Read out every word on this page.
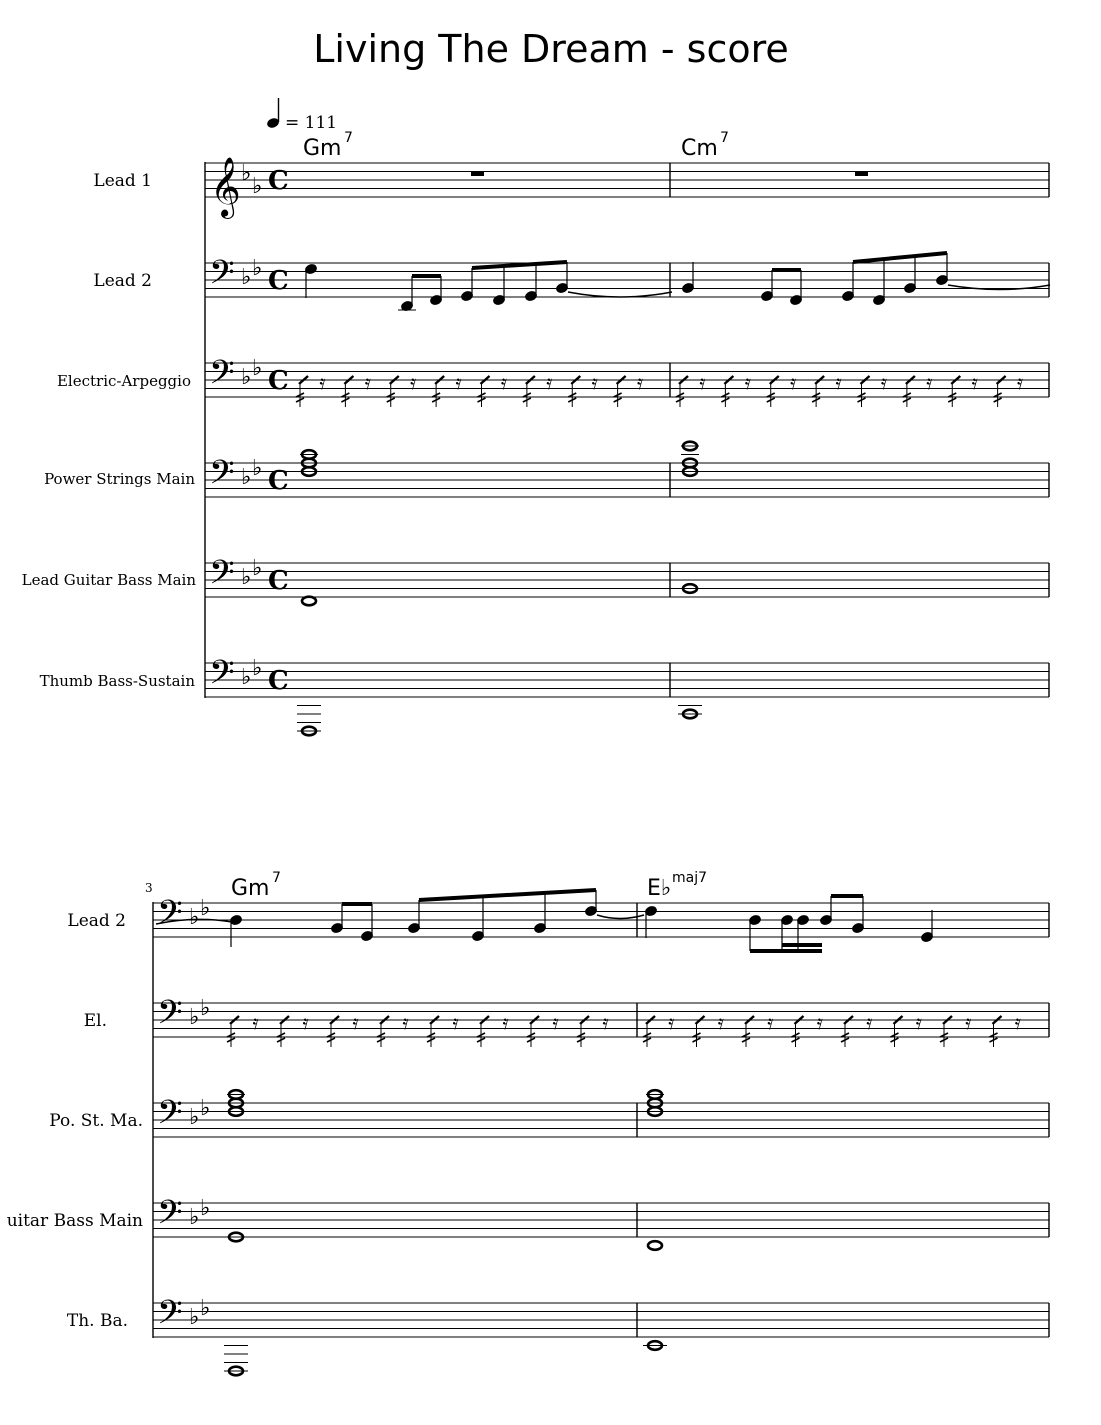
Living The Dream - score
= 111
Lead 1
Lead 2
Electric-Arpeggio
Power Strings Main
Lead Guitar Bass Main
Thumb Bass-Sustain
Gm 7	Cm 7
𝄞 ♭
♭ C
𝄢 ♭ ♭ C
𝄢 ♭ ♭ C 𝄿 𝄿 𝄿 𝄿 𝄿 𝄿 𝄿 𝄿	𝄿 𝄿 𝄿 𝄿 𝄿 𝄿 𝄿 𝄿
𝄢 ♭ ♭ C
𝄢 ♭ ♭ C
𝄢 ♭ ♭ C
3
Lead 2
El.
Po. St. Ma.
uitar Bass Main
Th. Ba.
Gm 7	E♭ maj7
𝄢 ♭ ♭
𝄢 ♭ ♭
𝄿 𝄿 𝄿 𝄿 𝄿 𝄿 𝄿 𝄿	𝄿 𝄿 𝄿 𝄿 𝄿 𝄿 𝄿 𝄿
𝄢 ♭ ♭
𝄢 ♭ ♭
𝄢 ♭ ♭
